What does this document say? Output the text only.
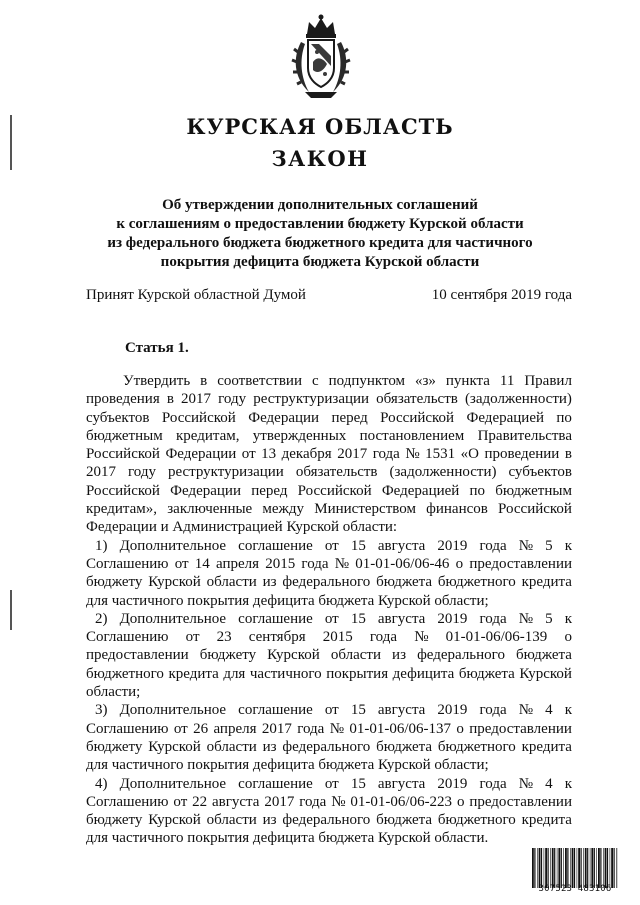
КУРСКАЯ ОБЛАСТЬ
ЗАКОН
Об утверждении дополнительных соглашений
к соглашениям о предоставлении бюджету Курской области
из федерального бюджета бюджетного кредита для частичного
покрытия дефицита бюджета Курской области
Принят Курской областной Думой	10 сентября 2019 года
Статья 1.
Утвердить в соответствии с подпунктом «з» пункта 11 Правил
проведения в 2017 году реструктуризации обязательств (задолженности)
субъектов Российской Федерации перед Российской Федерацией по
бюджетным кредитам, утвержденных постановлением Правительства
Российской Федерации от 13 декабря 2017 года № 1531 «О проведении в
2017 году реструктуризации обязательств (задолженности) субъектов
Российской Федерации перед Российской Федерацией по бюджетным
кредитам», заключенные между Министерством финансов Российской
Федерации и Администрацией Курской области:
1) Дополнительное соглашение от 15 августа 2019 года № 5 к
Соглашению от 14 апреля 2015 года № 01-01-06/06-46 о предоставлении
бюджету Курской области из федерального бюджета бюджетного кредита
для частичного покрытия дефицита бюджета Курской области;
2) Дополнительное соглашение от 15 августа 2019 года № 5 к
Соглашению от 23 сентября 2015 года № 01-01-06/06-139 о
предоставлении бюджету Курской области из федерального бюджета
бюджетного кредита для частичного покрытия дефицита бюджета Курской
области;
3) Дополнительное соглашение от 15 августа 2019 года № 4 к
Соглашению от 26 апреля 2017 года № 01-01-06/06-137 о предоставлении
бюджету Курской области из федерального бюджета бюджетного кредита
для частичного покрытия дефицита бюджета Курской области;
4) Дополнительное соглашение от 15 августа 2019 года № 4 к
Соглашению от 22 августа 2017 года № 01-01-06/06-223 о предоставлении
бюджету Курской области из федерального бюджета бюджетного кредита
для частичного покрытия дефицита бюджета Курской области.
307523 483106
